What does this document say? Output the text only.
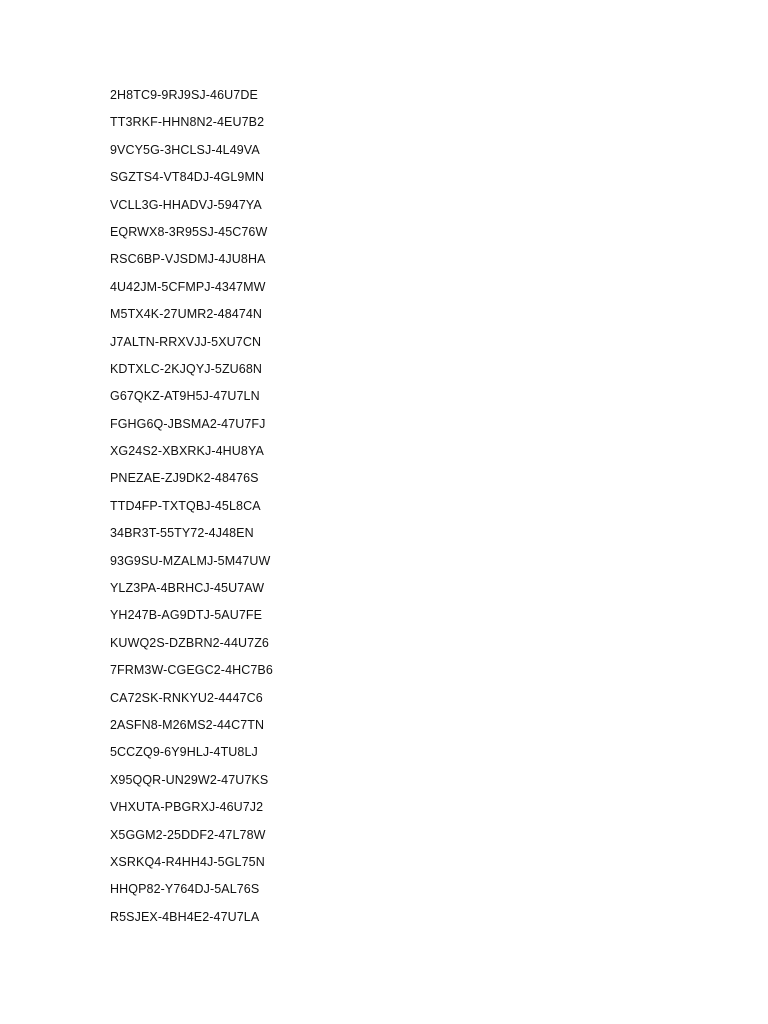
2H8TC9-9RJ9SJ-46U7DE
TT3RKF-HHN8N2-4EU7B2
9VCY5G-3HCLSJ-4L49VA
SGZTS4-VT84DJ-4GL9MN
VCLL3G-HHADVJ-5947YA
EQRWX8-3R95SJ-45C76W
RSC6BP-VJSDMJ-4JU8HA
4U42JM-5CFMPJ-4347MW
M5TX4K-27UMR2-48474N
J7ALTN-RRXVJJ-5XU7CN
KDTXLC-2KJQYJ-5ZU68N
G67QKZ-AT9H5J-47U7LN
FGHG6Q-JBSMA2-47U7FJ
XG24S2-XBXRKJ-4HU8YA
PNEZAE-ZJ9DK2-48476S
TTD4FP-TXTQBJ-45L8CA
34BR3T-55TY72-4J48EN
93G9SU-MZALMJ-5M47UW
YLZ3PA-4BRHCJ-45U7AW
YH247B-AG9DTJ-5AU7FE
KUWQ2S-DZBRN2-44U7Z6
7FRM3W-CGEGC2-4HC7B6
CA72SK-RNKYU2-4447C6
2ASFN8-M26MS2-44C7TN
5CCZQ9-6Y9HLJ-4TU8LJ
X95QQR-UN29W2-47U7KS
VHXUTA-PBGRXJ-46U7J2
X5GGM2-25DDF2-47L78W
XSRKQ4-R4HH4J-5GL75N
HHQP82-Y764DJ-5AL76S
R5SJEX-4BH4E2-47U7LA
